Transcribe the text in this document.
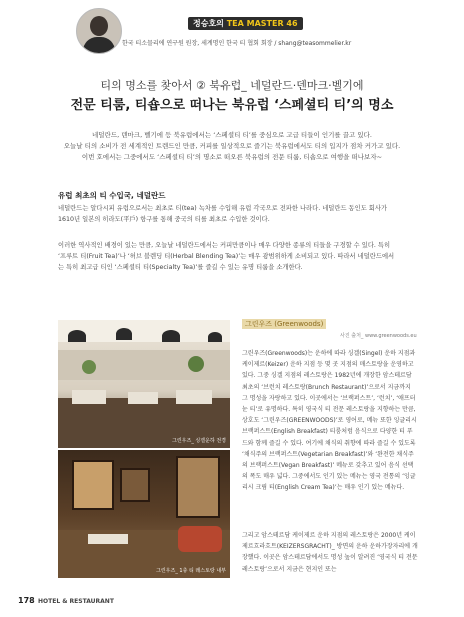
정승호의 TEA MASTER 46
한국 티소믈리에 연구원 원장, 세계명인 한국 티 협회 회장 / shang@teasommelier.kr
티의 명소를 찾아서 ② 북유럽_ 네덜란드·덴마크·벨기에
전문 티룸, 티숍으로 떠나는 북유럽 ‘스페셜티 티’의 명소
네덜란드, 덴마크, 벨기에 등 북유럽에서는 ‘스페셜티 티’를 중심으로 고급 티들이 인기를 끌고 있다.
오늘날 티의 소비가 전 세계적인 트렌드인 만큼, 커피를 일상적으로 즐기는 북유럽에서도 티의 입지가 점차 커가고 있다.
이번 호에서는 그중에서도 ‘스페셜티 티’의 명소로 떠오른 북유럽의 전문 티룸, 티숍으로 여행을 떠나보자~
유럽 최초의 티 수입국, 네덜란드

네덜란드는 알다시피 유럽으로서는 최초로 티(tea) 녹차를 수입해 유럽 각국으로 전파한 나라다. 네덜란드 동인도 회사가 1610년 일본의 히라도(平戶) 항구를 통해 중국의 티를 최초로 수입한 것이다.

이러한 역사적인 배경이 있는 만큼, 오늘날 네덜란드에서는 커피만큼이나 매우 다양한 종류의 티들을 구경할 수 있다. 특히 ‘프루트 티(Fruit Tea)’나 ‘허브 블렌딩 티(Herbal Blending Tea)’는 매우 광범위하게 소비되고 있다. 따라서 네덜란드에서는 특히 최고급 티인 ‘스페셜티 티(Specialty Tea)’를 즐길 수 있는 유명 티룸을 소개한다.

그린우즈_ 싱겔운하 전경
그린우즈_ 1층 티 레스토랑 내부
그린우즈 (Greenwoods)
사진 출처_ www.greenwoods.eu

그린우즈(Greenwoods)는 운하에 따라 싱겔(Singel) 운하 지점과 케이제르(Keizer) 운하 지점 등 몇 곳 지점의 매스토랑을 운영하고 있다. 그중 싱겔 지점의 레스토랑은 1982년에 개장한 암스테르담 최초의 ‘브런치 레스토랑(Brunch Restaurant)’으로서 지금까지 그 명성을 자랑하고 있다. 이곳에서는 ‘브랙퍼스트’, ‘런치’, ‘애프터눈 티’로 유명하다. 특히 영국식 티 전문 레스토랑을 지향하는 만큼, 상호도 ‘그린우즈(GREENWOODS)’로 영어로, 메뉴 또한 잉글리시 브랙퍼스트(English Breakfast) 티룸처럼 음식으로 다양한 티 푸드와 함께 즐길 수 있다. 여기에 채식의 취향에 따라 즐길 수 있도록 ‘채식주의 브랙퍼스트(Vegetarian Breakfast)’와 ‘완전한 채식주의 브랙퍼스트(Vegan Breakfast)’ 메뉴로 갖추고 있어 음식 선택의 폭도 매우 넓다. 그중에서도 인기 있는 메뉴는 영국 전통의 ‘잉글리시 크림 티(English Cream Tea)’는 매우 인기 있는 메뉴다.

그리고 암스테르담 케이제르 운하 지점의 레스토랑은 2000년 케이제르흐라흐트(KEIZERSGRACHT)_ 방면의 운하 운하가장자리에 개장했다. 이곳은 암스테르담에서도 명성 높이 알려진 ‘영국식 티 전문 레스토랑’으로서 지금은 현지인 또는

178 HOTEL & RESTAURANT
